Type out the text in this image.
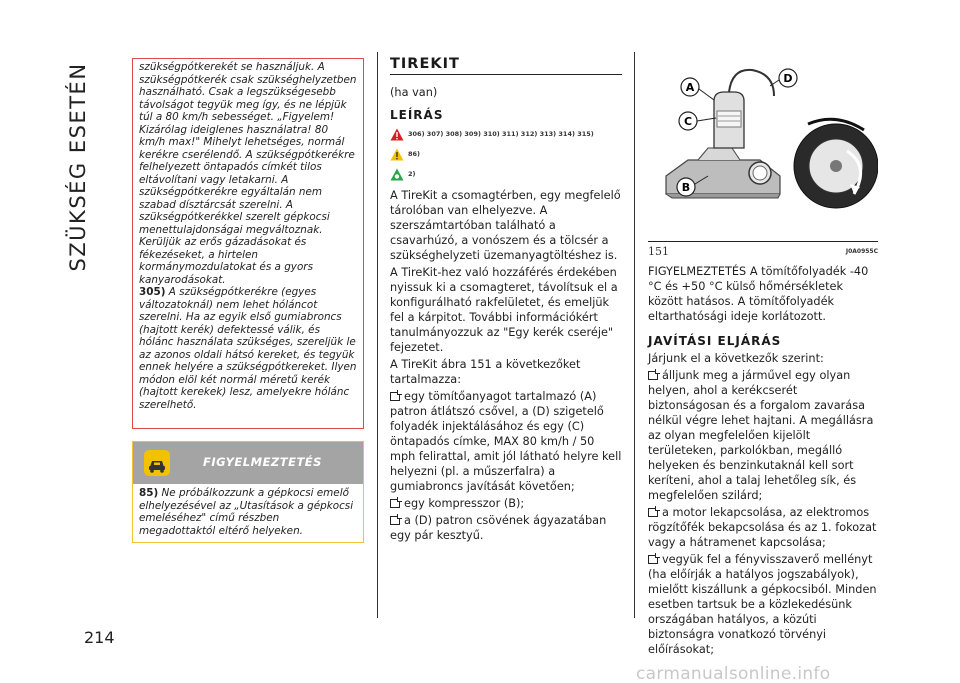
SZÜKSÉG ESETÉN	szükségpótkerekét se használjuk. A szükségpótkerék csak szükséghelyzetben használható. Csak a legszükségesebb távolságot tegyük meg így, és ne lépjük túl a 80 km/h sebességet. „Figyelem! Kizárólag ideiglenes használatra! 80 km/h max!" Mihelyt lehetséges, normál kerékre cserélendő. A szükségpótkerékre felhelyezett öntapadós címkét tilos eltávolítani vagy letakarni. A szükségpótkerékre egyáltalán nem szabad dísztárcsát szerelni. A szükségpótkerékkel szerelt gépkocsi menettulajdonságai megváltoznak. Kerüljük az erős gázadásokat és fékezéseket, a hirtelen kormánymozdulatokat és a gyors kanyarodásokat.

305) A szükségpótkerékre (egyes változatoknál) nem lehet hóláncot szerelni. Ha az egyik első gumiabroncs (hajtott kerék) defektessé válik, és hólánc használata szükséges, szereljük le az azonos oldali hátsó kereket, és tegyük ennek helyére a szükségpótkereket. Ilyen módon elöl két normál méretű kerék (hajtott kerekek) lesz, amelyekre hólánc szerelhető.

FIGYELMEZTETÉS

85) Ne próbálkozzunk a gépkocsi emelő elhelyezésével az „Utasítások a gépkocsi emeléséhez" című részben megadottaktól eltérő helyeken.

214
TIREKIT
(ha van)
LEÍRÁS
306) 307) 308) 309) 310) 311) 312) 313) 314) 315)
86)
2)

A TireKit a csomagtérben, egy megfelelő tárolóban van elhelyezve. A szerszámtartóban található a csavarhúzó, a vonószem és a tölcsér a szükséghelyzeti üzemanyagtöltéshez is.

A TireKit-hez való hozzáférés érdekében nyissuk ki a csomagteret, távolítsuk el a konfigurálható rakfelületet, és emeljük fel a kárpitot. További információkért tanulmányozzuk az "Egy kerék cseréje" fejezetet.

A TireKit ábra 151 a következőket tartalmazza:

egy tömítőanyagot tartalmazó (A) patron átlátszó csővel, a (D) szigetelő folyadék injektálásához és egy (C) öntapadós címke, MAX 80 km/h / 50 mph felirattal, amit jól látható helyre kell helyezni (pl. a műszerfalra) a gumiabroncs javítását követően;

egy kompresszor (B);

a (D) patron csövének ágyazatában egy pár kesztyű.

A
C
B
D
151	J0A0955C

FIGYELMEZTETÉS A tömítőfolyadék -40 °C és +50 °C külső hőmérsékletek között hatásos. A tömítőfolyadék eltarthatósági ideje korlátozott.

JAVÍTÁSI ELJÁRÁS

Járjunk el a következők szerint:

álljunk meg a járművel egy olyan helyen, ahol a kerékcserét biztonságosan és a forgalom zavarása nélkül végre lehet hajtani. A megállásra az olyan megfelelően kijelölt területeken, parkolókban, megálló helyeken és benzinkutaknál kell sort keríteni, ahol a talaj lehetőleg sík, és megfelelően szilárd;

a motor lekapcsolása, az elektromos rögzítőfék bekapcsolása és az 1. fokozat vagy a hátramenet kapcsolása;

vegyük fel a fényvisszaverő mellényt (ha előírják a hatályos jogszabályok), mielőtt kiszállunk a gépkocsiból. Minden esetben tartsuk be a közlekedésünk országában hatályos, a közúti biztonságra vonatkozó törvényi előírásokat;

carmanualsonline.info
